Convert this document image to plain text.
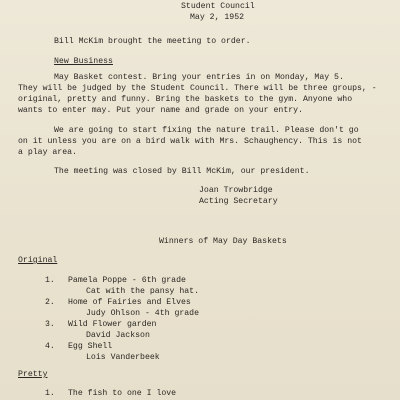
Student Council
May 2, 1952
Bill McKim brought the meeting to order.
New Business
May Basket contest. Bring your entries in on Monday, May 5.
They will be judged by the Student Council. There will be three groups, -
original, pretty and funny. Bring the baskets to the gym. Anyone who
wants to enter may. Put your name and grade on your entry.
We are going to start fixing the nature trail. Please don't go
on it unless you are on a bird walk with Mrs. Schaughency. This is not
a play area.
The meeting was closed by Bill McKim, our president.
Joan Trowbridge
Acting Secretary
Winners of May Day Baskets
Original
1. Pamela Poppe - 6th grade
Cat with the pansy hat.
2. Home of Fairies and Elves
Judy Ohlson - 4th grade
3. Wild Flower garden
David Jackson
4. Egg Shell
Lois Vanderbeek
Pretty
1. The fish to one I love
